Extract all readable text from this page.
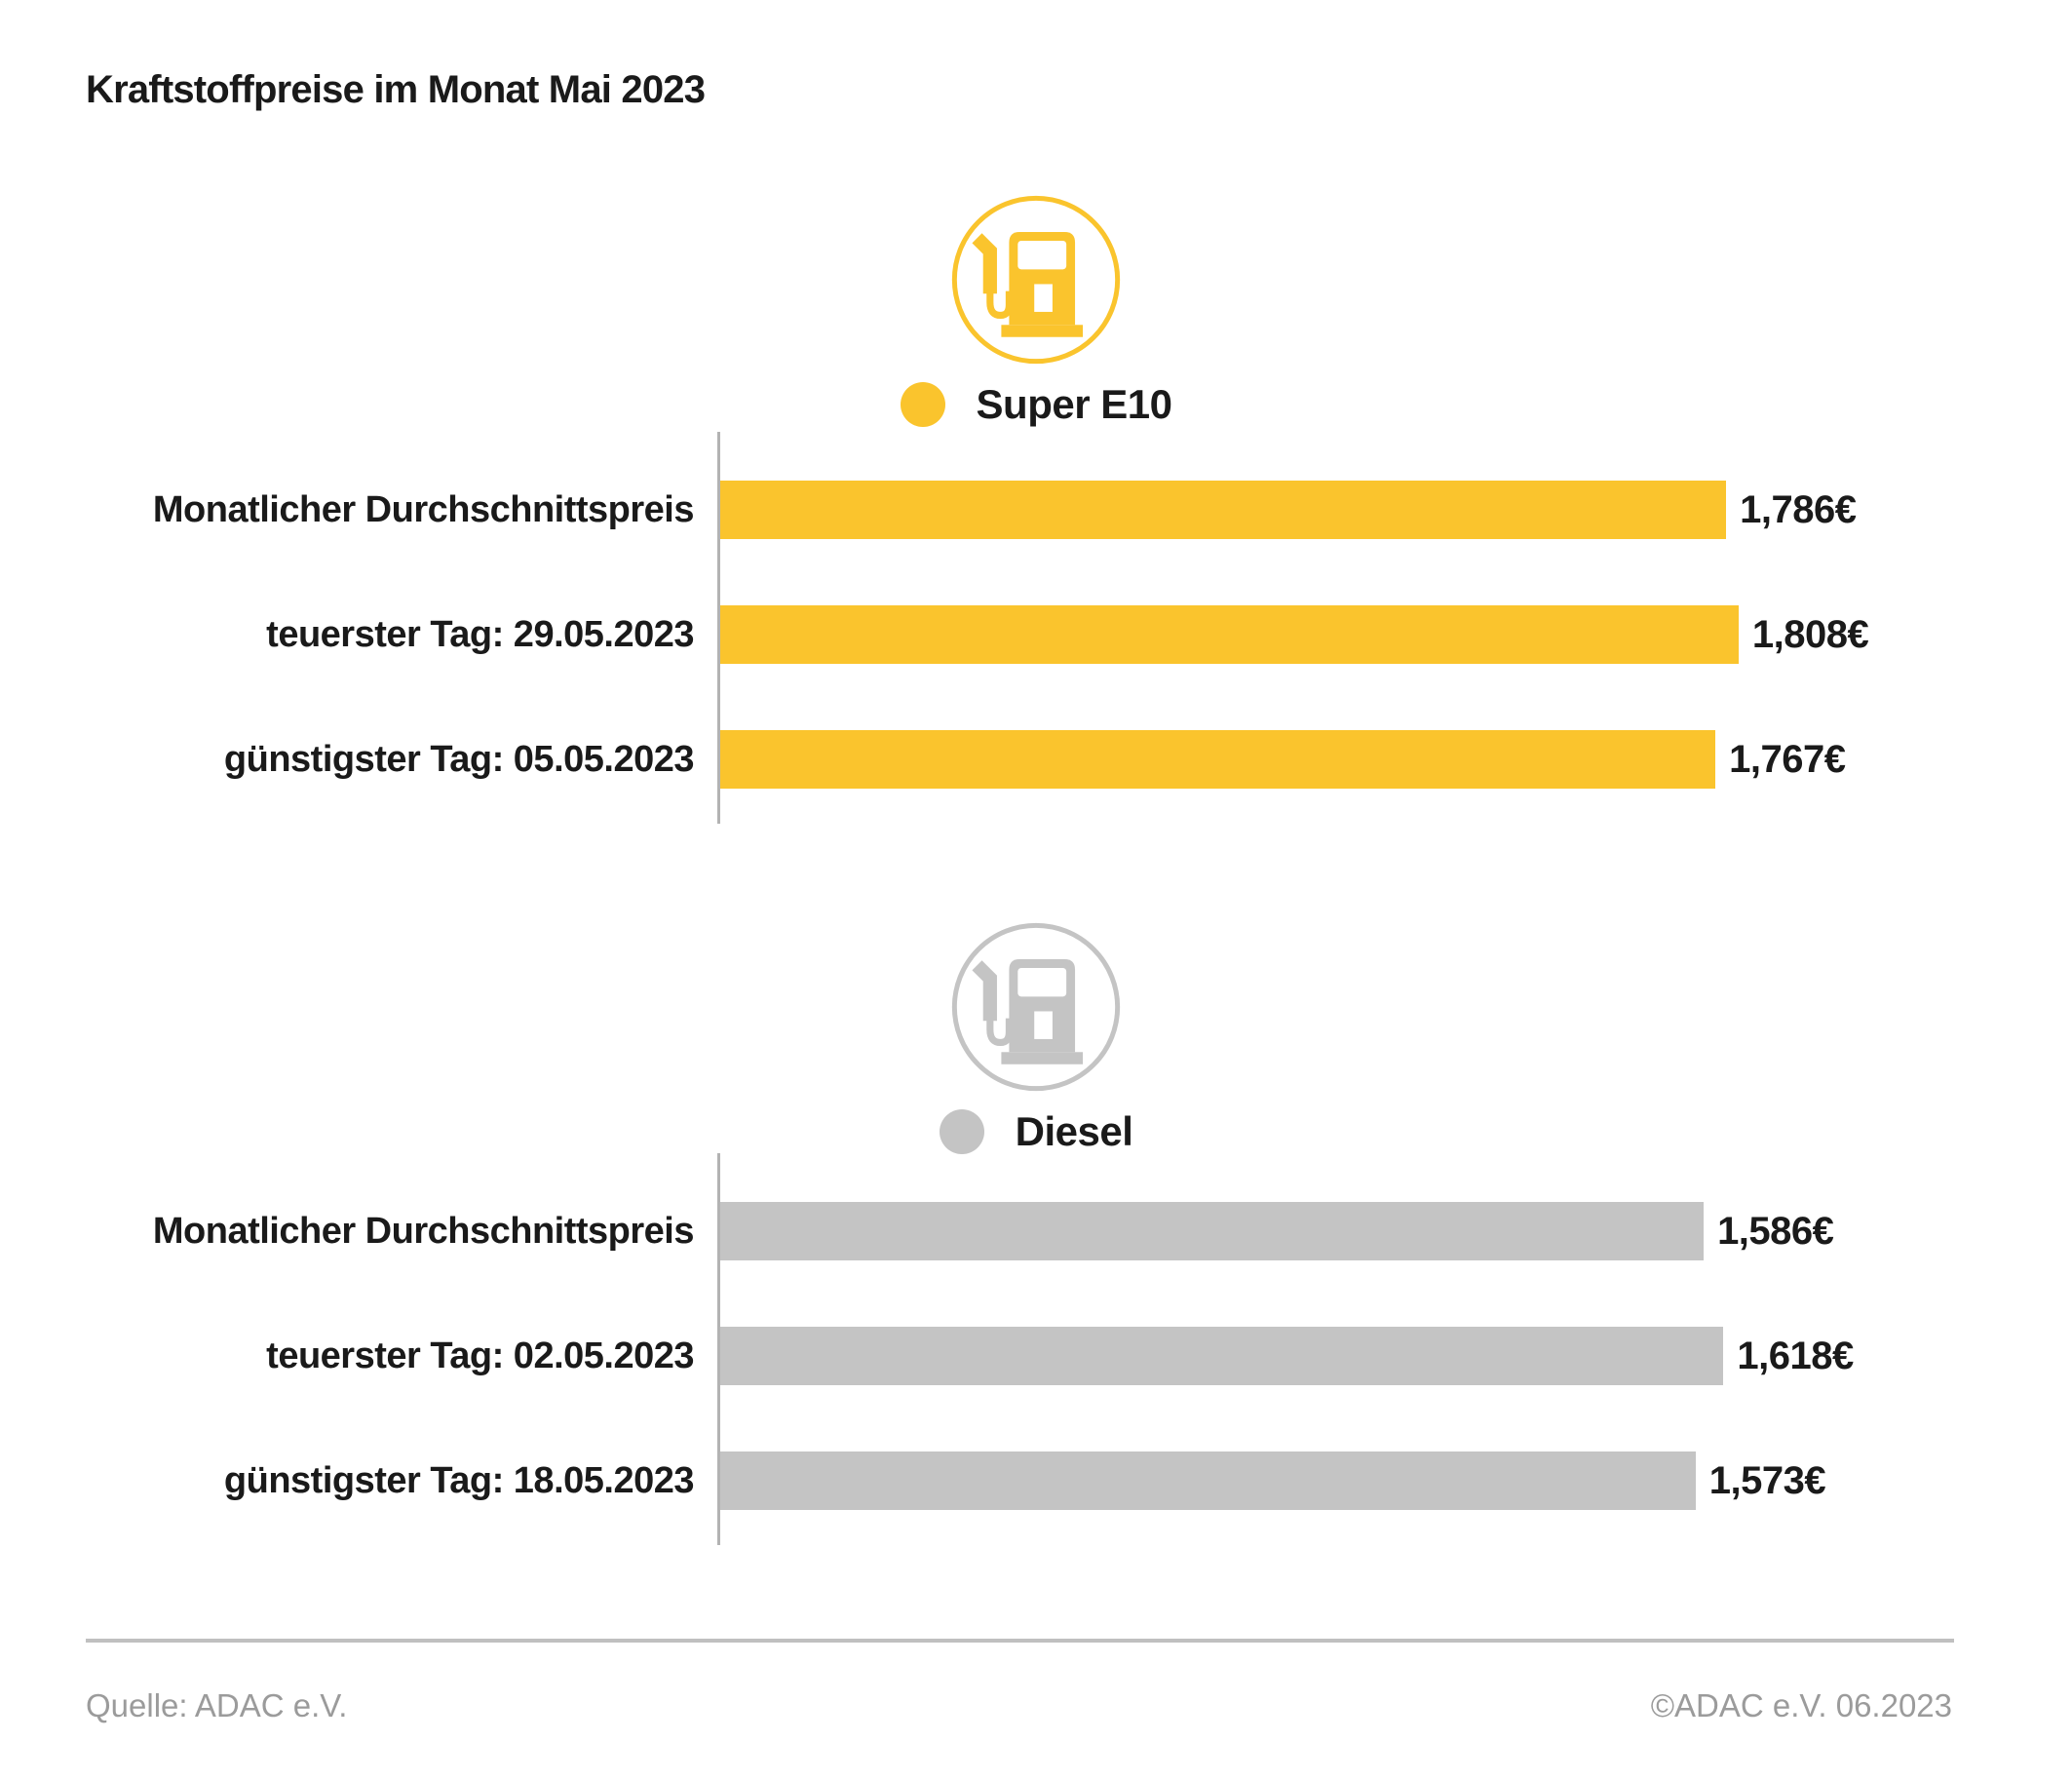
Kraftstoffpreise im Monat Mai 2023
Super E10
Monatlicher Durchschnittspreis	1,786€
teuerster Tag: 29.05.2023	1,808€
günstigster Tag: 05.05.2023	1,767€
Diesel
Monatlicher Durchschnittspreis	1,586€
teuerster Tag: 02.05.2023	1,618€
günstigster Tag: 18.05.2023	1,573€
Quelle: ADAC e.V.	©ADAC e.V. 06.2023
